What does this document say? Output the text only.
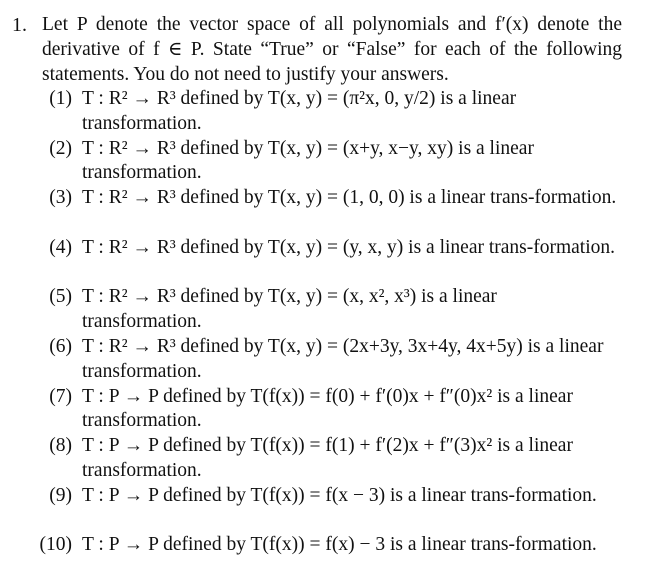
1. Let P denote the vector space of all polynomials and f′(x) denote the derivative of f ∈ P. State “True” or “False” for each of the following statements. You do not need to justify your answers.
(1) T : R² → R³ defined by T(x, y) = (π²x, 0, y/2) is a linear transformation.
(2) T : R² → R³ defined by T(x, y) = (x+y, x−y, xy) is a linear transformation.
(3) T : R² → R³ defined by T(x, y) = (1, 0, 0) is a linear trans-formation.
(4) T : R² → R³ defined by T(x, y) = (y, x, y) is a linear trans-formation.
(5) T : R² → R³ defined by T(x, y) = (x, x², x³) is a linear transformation.
(6) T : R² → R³ defined by T(x, y) = (2x+3y, 3x+4y, 4x+5y) is a linear transformation.
(7) T : P → P defined by T(f(x)) = f(0) + f′(0)x + f″(0)x² is a linear transformation.
(8) T : P → P defined by T(f(x)) = f(1) + f′(2)x + f″(3)x² is a linear transformation.
(9) T : P → P defined by T(f(x)) = f(x − 3) is a linear trans-formation.
(10) T : P → P defined by T(f(x)) = f(x) − 3 is a linear trans-formation.
